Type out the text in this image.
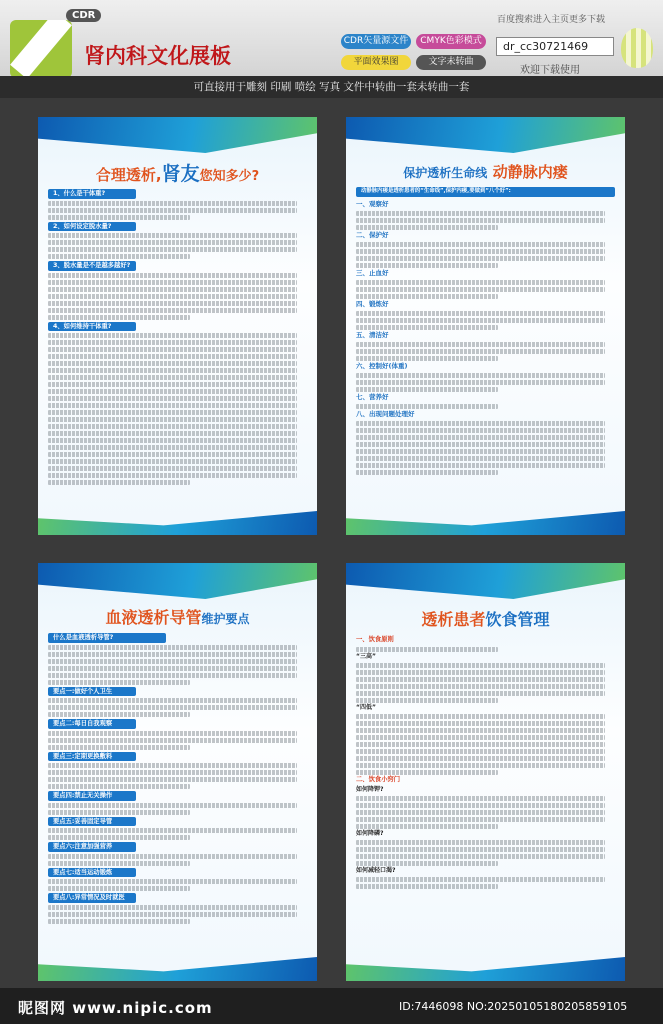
CDR
肾内科文化展板
CDR矢量源文件	CMYK色彩模式
平面效果图	文字未转曲
百度搜索进入主页更多下载
dr_cc30721469
欢迎下载使用
可直接用于雕刻 印刷 喷绘 写真 文件中转曲一套未转曲一套
合理透析,肾友您知多少?
1、什么是干体重?
2、如何设定脱水量?
3、脱水量是不是越多越好?
4、如何维持干体重?
保护透析生命线 动静脉内瘘
动静脉内瘘是透析患者的“生命线”,保护内瘘,要做到“八个好”:
一、观察好
二、保护好
三、止血好
四、锻炼好
五、清洁好
六、控制好(体重)
七、营养好
八、出现问题处理好
血液透析导管维护要点
什么是血液透析导管?
要点一:做好个人卫生
要点二:每日自我观察
要点三:定期更换敷料
要点四:禁止无关操作
要点五:妥善固定导管
要点六:注意加强营养
要点七:适当运动锻炼
要点八:异常情况及时就医
透析患者饮食管理
一、饮食原则
“三高”
“四低”
二、饮食小窍门
如何降钾?
如何降磷?
如何减轻口渴?
昵图网 www.nipic.com	ID:7446098 NO:20250105180205859105
